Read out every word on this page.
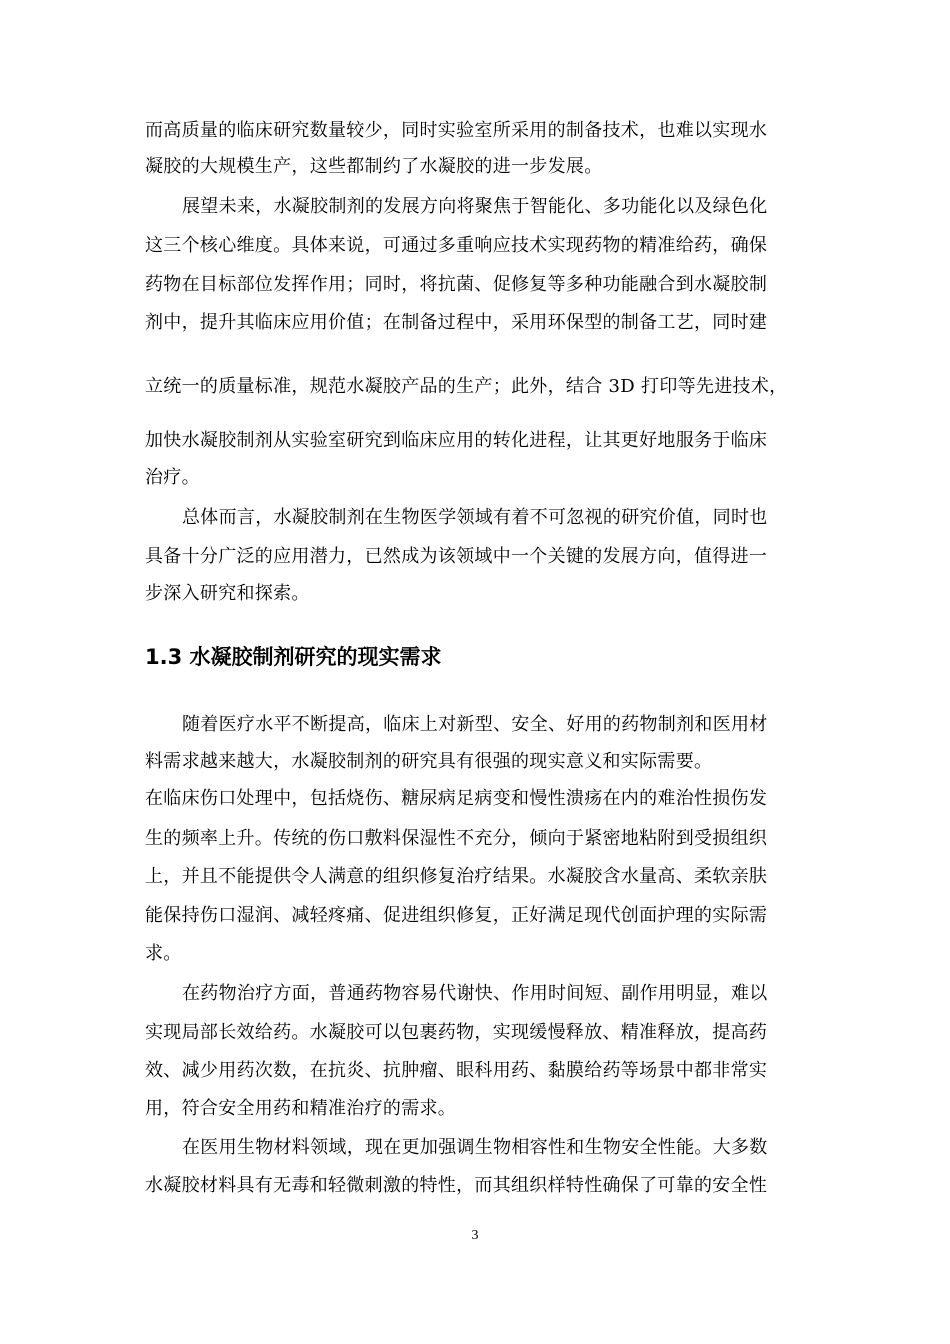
而高质量的临床研究数量较少，同时实验室所采用的制备技术，也难以实现水
凝胶的大规模生产，这些都制约了水凝胶的进一步发展。
展望未来，水凝胶制剂的发展方向将聚焦于智能化、多功能化以及绿色化
这三个核心维度。具体来说，可通过多重响应技术实现药物的精准给药，确保
药物在目标部位发挥作用；同时，将抗菌、促修复等多种功能融合到水凝胶制
剂中，提升其临床应用价值；在制备过程中，采用环保型的制备工艺，同时建
立统一的质量标准，规范水凝胶产品的生产；此外，结合 3D 打印等先进技术，
加快水凝胶制剂从实验室研究到临床应用的转化进程，让其更好地服务于临床
治疗。
总体而言，水凝胶制剂在生物医学领域有着不可忽视的研究价值，同时也
具备十分广泛的应用潜力，已然成为该领域中一个关键的发展方向，值得进一
步深入研究和探索。
1.3 水凝胶制剂研究的现实需求
随着医疗水平不断提高，临床上对新型、安全、好用的药物制剂和医用材
料需求越来越大，水凝胶制剂的研究具有很强的现实意义和实际需要。
在临床伤口处理中，包括烧伤、糖尿病足病变和慢性溃疡在内的难治性损伤发
生的频率上升。传统的伤口敷料保湿性不充分，倾向于紧密地粘附到受损组织
上，并且不能提供令人满意的组织修复治疗结果。水凝胶含水量高、柔软亲肤
能保持伤口湿润、减轻疼痛、促进组织修复，正好满足现代创面护理的实际需
求。
在药物治疗方面，普通药物容易代谢快、作用时间短、副作用明显，难以
实现局部长效给药。水凝胶可以包裹药物，实现缓慢释放、精准释放，提高药
效、减少用药次数，在抗炎、抗肿瘤、眼科用药、黏膜给药等场景中都非常实
用，符合安全用药和精准治疗的需求。
在医用生物材料领域，现在更加强调生物相容性和生物安全性能。大多数
水凝胶材料具有无毒和轻微刺激的特性，而其组织样特性确保了可靠的安全性
3
